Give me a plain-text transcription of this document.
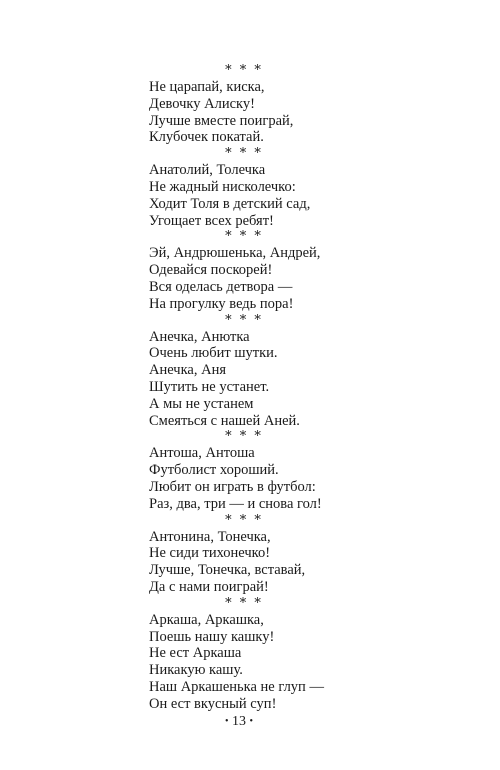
* * *
Не царапай, киска,
Девочку Алиску!
Лучше вместе поиграй,
Клубочек покатай.
* * *
Анатолий, Толечка
Не жадный нисколечко:
Ходит Толя в детский сад,
Угощает всех ребят!
* * *
Эй, Андрюшенька, Андрей,
Одевайся поскорей!
Вся оделась детвора —
На прогулку ведь пора!
* * *
Анечка, Анютка
Очень любит шутки.
Анечка, Аня
Шутить не устанет.
А мы не устанем
Смеяться с нашей Аней.
* * *
Антоша, Антоша
Футболист хороший.
Любит он играть в футбол:
Раз, два, три — и снова гол!
* * *
Антонина, Тонечка,
Не сиди тихонечко!
Лучше, Тонечка, вставай,
Да с нами поиграй!
* * *
Аркаша, Аркашка,
Поешь нашу кашку!
Не ест Аркаша
Никакую кашу.
Наш Аркашенька не глуп —
Он ест вкусный суп!
• 13 •
